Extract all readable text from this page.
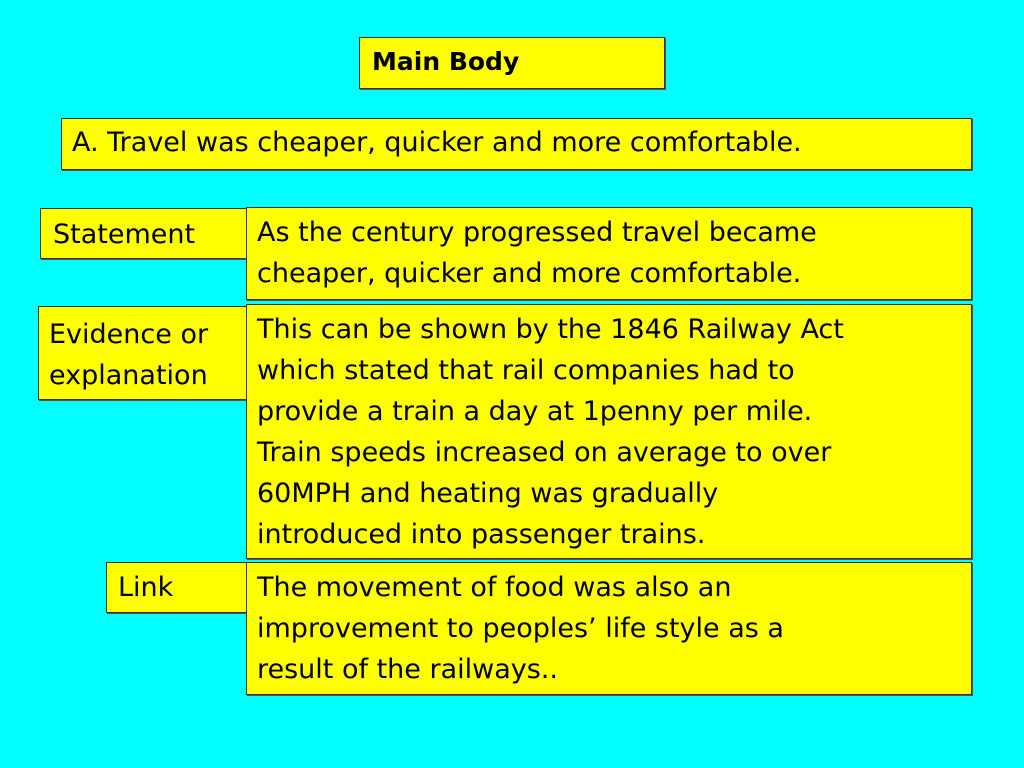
Main Body
A. Travel was cheaper, quicker and more comfortable.
Statement	As the century progressed travel became
cheaper, quicker and more comfortable.
Evidence or
explanation
This can be shown by the 1846 Railway Act
which stated that rail companies had to
provide a train a day at 1penny per mile.
Train speeds increased on average to over
60MPH and heating was gradually
introduced into passenger trains.
Link	The movement of food was also an
improvement to peoples’ life style as a
result of the railways..
